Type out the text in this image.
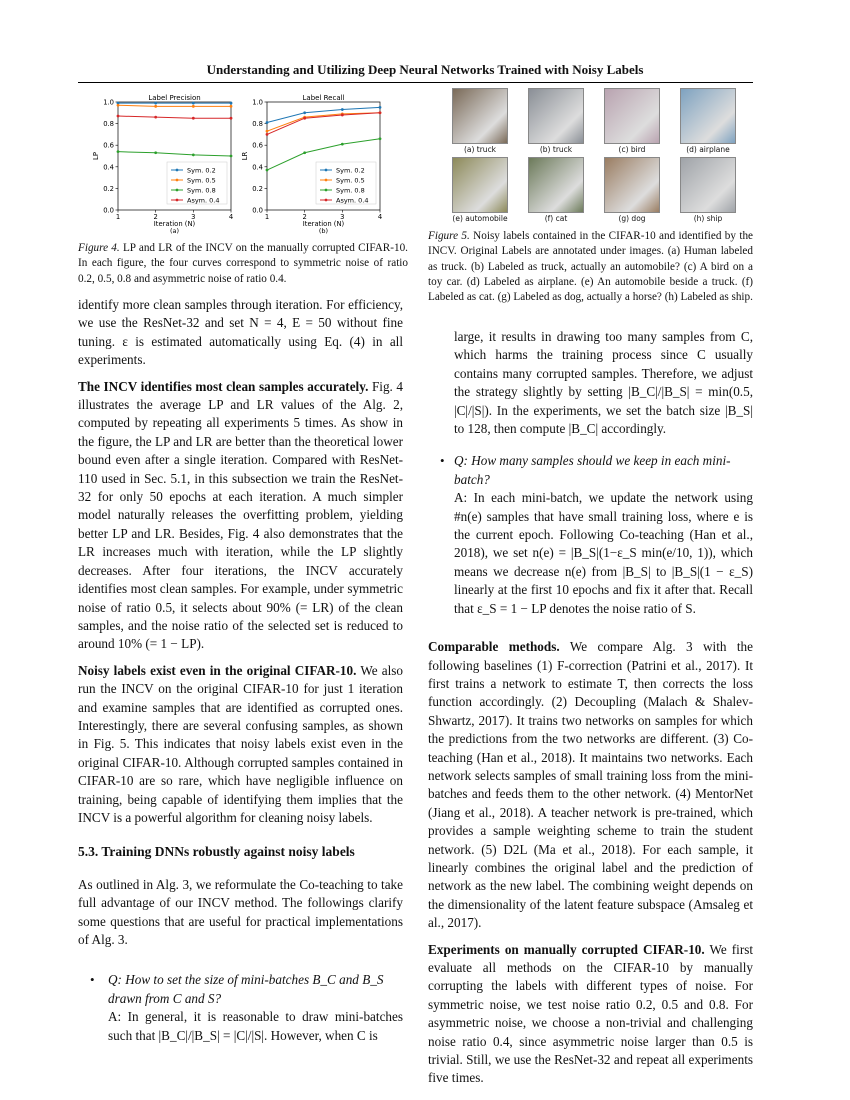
Understanding and Utilizing Deep Neural Networks Trained with Noisy Labels
Label Precision
0.0
0.2
0.4
0.6
0.8
1.0
1	2	3	4
Iteration (N)
(a)
LP
Sym. 0.2
Sym. 0.5
Sym. 0.8
Asym. 0.4
Label Recall
0.0
0.2
0.4
0.6
0.8
1.0
1	2	3	4
Iteration (N)
(b)
LR
Sym. 0.2
Sym. 0.5
Sym. 0.8
Asym. 0.4
Figure 4. LP and LR of the INCV on the manually corrupted CIFAR-10. In each figure, the four curves correspond to symmetric noise of ratio 0.2, 0.5, 0.8 and asymmetric noise of ratio 0.4.
(a) truck	(b) truck	(c) bird	(d) airplane
(e) automobile	(f) cat	(g) dog	(h) ship
Figure 5. Noisy labels contained in the CIFAR-10 and identified by the INCV. Original Labels are annotated under images. (a) Human labeled as truck. (b) Labeled as truck, actually an automobile? (c) A bird on a toy car. (d) Labeled as airplane. (e) An automobile beside a truck. (f) Labeled as cat. (g) Labeled as dog, actually a horse? (h) Labeled as ship.

identify more clean samples through iteration. For efficiency, we use the ResNet-32 and set N = 4, E = 50 without fine tuning. ε is estimated automatically using Eq. (4) in all experiments.

The INCV identifies most clean samples accurately. Fig. 4 illustrates the average LP and LR values of the Alg. 2, computed by repeating all experiments 5 times. As show in the figure, the LP and LR are better than the theoretical lower bound even after a single iteration. Compared with ResNet-110 used in Sec. 5.1, in this subsection we train the ResNet-32 for only 50 epochs at each iteration. A much simpler model naturally releases the overfitting problem, yielding better LP and LR. Besides, Fig. 4 also demonstrates that the LR increases much with iteration, while the LP slightly decreases. After four iterations, the INCV accurately identifies most clean samples. For example, under symmetric noise of ratio 0.5, it selects about 90% (= LR) of the clean samples, and the noise ratio of the selected set is reduced to around 10% (= 1 − LP).

Noisy labels exist even in the original CIFAR-10. We also run the INCV on the original CIFAR-10 for just 1 iteration and examine samples that are identified as corrupted ones. Interestingly, there are several confusing samples, as shown in Fig. 5. This indicates that noisy labels exist even in the original CIFAR-10. Although corrupted samples contained in CIFAR-10 are so rare, which have negligible influence on training, being capable of identifying them implies that the INCV is a powerful algorithm for cleaning noisy labels.

5.3. Training DNNs robustly against noisy labels

As outlined in Alg. 3, we reformulate the Co-teaching to take full advantage of our INCV method. The followings clarify some questions that are useful for practical implementations of Alg. 3.

• Q: How to set the size of mini-batches B_C and B_S drawn from C and S?

A: In general, it is reasonable to draw mini-batches such that |B_C|/|B_S| = |C|/|S|. However, when C is

large, it results in drawing too many samples from C, which harms the training process since C usually contains many corrupted samples. Therefore, we adjust the strategy slightly by setting |B_C|/|B_S| = min(0.5, |C|/|S|). In the experiments, we set the batch size |B_S| to 128, then compute |B_C| accordingly.

• Q: How many samples should we keep in each mini-batch?

A: In each mini-batch, we update the network using #n(e) samples that have small training loss, where e is the current epoch. Following Co-teaching (Han et al., 2018), we set n(e) = |B_S|(1−ε_S min(e/10, 1)), which means we decrease n(e) from |B_S| to |B_S|(1 − ε_S) linearly at the first 10 epochs and fix it after that. Recall that ε_S = 1 − LP denotes the noise ratio of S.

Comparable methods. We compare Alg. 3 with the following baselines (1) F-correction (Patrini et al., 2017). It first trains a network to estimate T, then corrects the loss function accordingly. (2) Decoupling (Malach & Shalev-Shwartz, 2017). It trains two networks on samples for which the predictions from the two networks are different. (3) Co-teaching (Han et al., 2018). It maintains two networks. Each network selects samples of small training loss from the mini-batches and feeds them to the other network. (4) MentorNet (Jiang et al., 2018). A teacher network is pre-trained, which provides a sample weighting scheme to train the student network. (5) D2L (Ma et al., 2018). For each sample, it linearly combines the original label and the prediction of network as the new label. The combining weight depends on the dimensionality of the latent feature subspace (Amsaleg et al., 2017).

Experiments on manually corrupted CIFAR-10. We first evaluate all methods on the CIFAR-10 by manually corrupting the labels with different types of noise. For symmetric noise, we test noise ratio 0.2, 0.5 and 0.8. For asymmetric noise, we choose a non-trivial and challenging noise ratio 0.4, since asymmetric noise larger than 0.5 is trivial. Still, we use the ResNet-32 and repeat all experiments five times.
